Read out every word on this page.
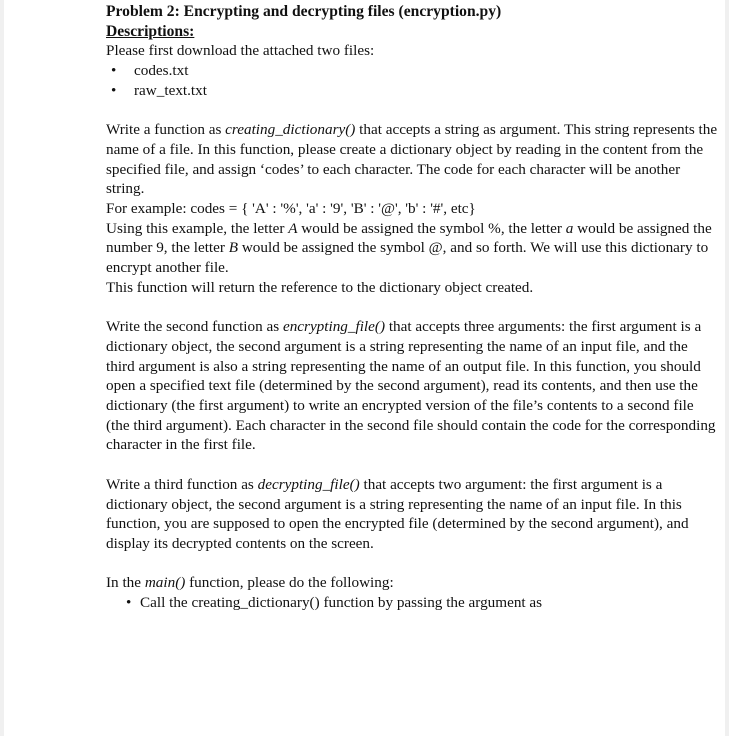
Problem 2: Encrypting and decrypting files (encryption.py)
Descriptions:

Please first download the attached two files:

• codes.txt
• raw_text.txt

Write a function as creating_dictionary() that accepts a string as argument. This string represents the name of a file. In this function, please create a dictionary object by reading in the content from the specified file, and assign ‘codes’ to each character. The code for each character will be another string.

For example: codes = { 'A' : '%', 'a' : '9', 'B' : '@', 'b' : '#', etc}

Using this example, the letter A would be assigned the symbol %, the letter a would be assigned the number 9, the letter B would be assigned the symbol @, and so forth. We will use this dictionary to encrypt another file.

This function will return the reference to the dictionary object created.

Write the second function as encrypting_file() that accepts three arguments: the first argument is a dictionary object, the second argument is a string representing the name of an input file, and the third argument is also a string representing the name of an output file. In this function, you should open a specified text file (determined by the second argument), read its contents, and then use the dictionary (the first argument) to write an encrypted version of the file’s contents to a second file (the third argument). Each character in the second file should contain the code for the corresponding character in the first file.

Write a third function as decrypting_file() that accepts two argument: the first argument is a dictionary object, the second argument is a string representing the name of an input file. In this function, you are supposed to open the encrypted file (determined by the second argument), and display its decrypted contents on the screen.

In the main() function, please do the following:

• Call the creating_dictionary() function by passing the argument as
